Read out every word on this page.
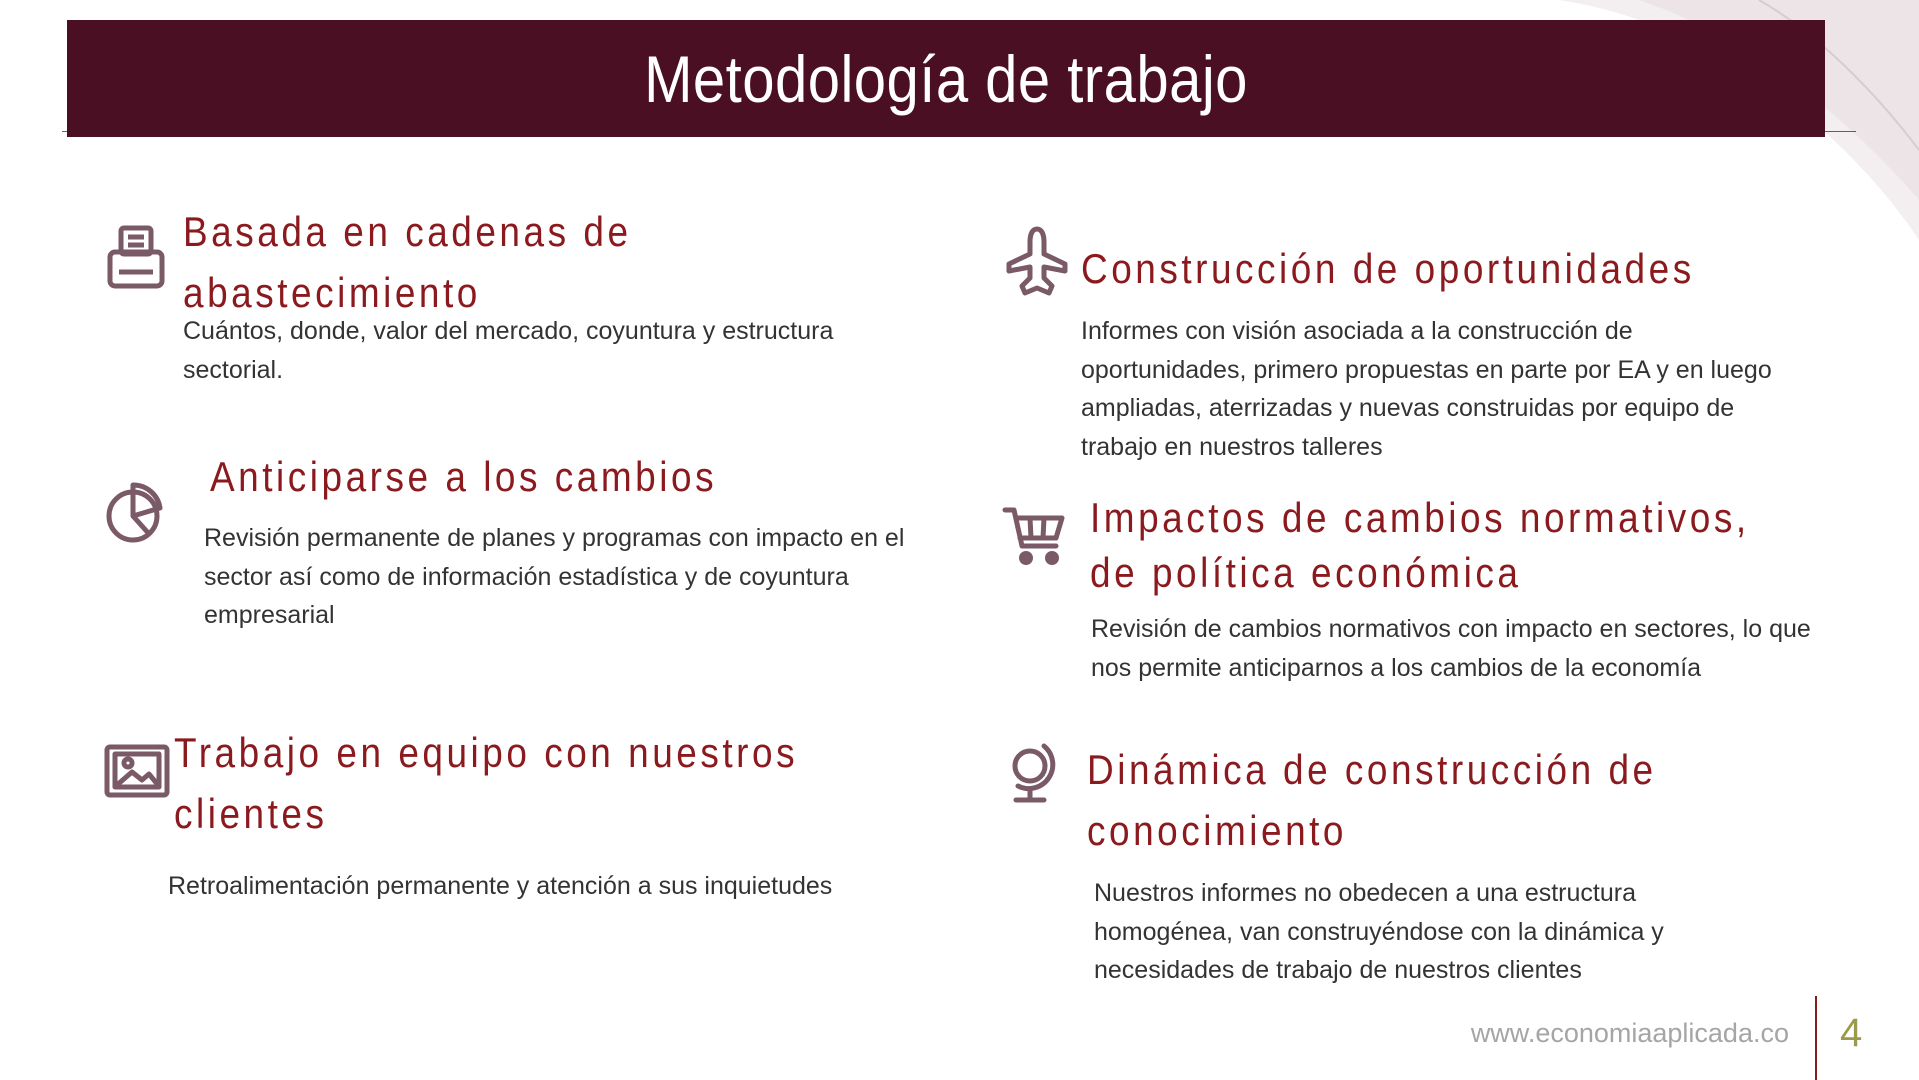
Metodología de trabajo
Basada en cadenas de abastecimiento

Cuántos, donde, valor del mercado, coyuntura y estructura sectorial.

Construcción de oportunidades

Informes con visión asociada a la construcción de oportunidades, primero propuestas en parte por EA y en luego ampliadas, aterrizadas y nuevas construidas por equipo de trabajo en nuestros talleres

Anticiparse a los cambios

Revisión permanente de planes y programas con impacto en el sector así como de información estadística y de coyuntura empresarial

Impactos de cambios normativos, de política económica

Revisión de cambios normativos con impacto en sectores, lo que nos permite anticiparnos a los cambios de la economía

Trabajo en equipo con nuestros clientes

Retroalimentación permanente y atención a sus inquietudes

Dinámica de construcción de conocimiento

Nuestros informes no obedecen a una estructura homogénea, van construyéndose con la dinámica y necesidades de trabajo de nuestros clientes

www.economiaaplicada.co 4
